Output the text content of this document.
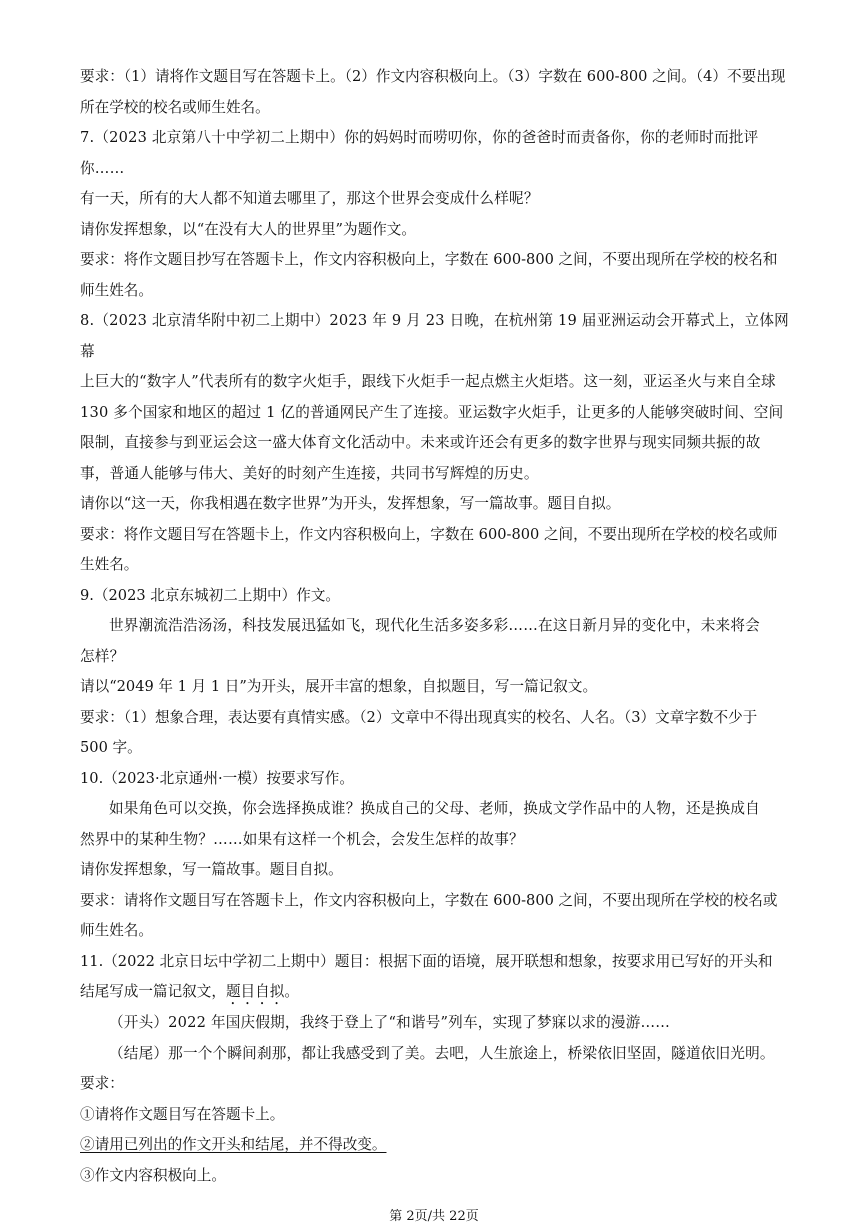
要求：（1）请将作文题目写在答题卡上。（2）作文内容积极向上。（3）字数在 600-800 之间。（4）不要出现

所在学校的校名或师生姓名。

7.（2023 北京第八十中学初二上期中）你的妈妈时而唠叨你，你的爸爸时而责备你，你的老师时而批评你……

有一天，所有的大人都不知道去哪里了，那这个世界会变成什么样呢？

请你发挥想象，以“在没有大人的世界里”为题作文。

要求：将作文题目抄写在答题卡上，作文内容积极向上，字数在 600-800 之间，不要出现所在学校的校名和

师生姓名。

8.（2023 北京清华附中初二上期中）2023 年 9 月 23 日晚，在杭州第 19 届亚洲运动会开幕式上，立体网幕

上巨大的“数字人”代表所有的数字火炬手，跟线下火炬手一起点燃主火炬塔。这一刻，亚运圣火与来自全球

130 多个国家和地区的超过 1 亿的普通网民产生了连接。亚运数字火炬手，让更多的人能够突破时间、空间

限制，直接参与到亚运会这一盛大体育文化活动中。未来或许还会有更多的数字世界与现实同频共振的故

事，普通人能够与伟大、美好的时刻产生连接，共同书写辉煌的历史。

请你以“这一天，你我相遇在数字世界”为开头，发挥想象，写一篇故事。题目自拟。

要求：将作文题目写在答题卡上，作文内容积极向上，字数在 600-800 之间，不要出现所在学校的校名或师

生姓名。

9.（2023 北京东城初二上期中）作文。

世界潮流浩浩汤汤，科技发展迅猛如飞，现代化生活多姿多彩……在这日新月异的变化中，未来将会

怎样？

请以“2049 年 1 月 1 日”为开头，展开丰富的想象，自拟题目，写一篇记叙文。

要求：（1）想象合理，表达要有真情实感。（2）文章中不得出现真实的校名、人名。（3）文章字数不少于

500 字。

10.（2023·北京通州·一模）按要求写作。

如果角色可以交换，你会选择换成谁？换成自己的父母、老师，换成文学作品中的人物，还是换成自

然界中的某种生物？……如果有这样一个机会，会发生怎样的故事？

请你发挥想象，写一篇故事。题目自拟。

要求：请将作文题目写在答题卡上，作文内容积极向上，字数在 600-800 之间，不要出现所在学校的校名或

师生姓名。

11.（2022 北京日坛中学初二上期中）题目：根据下面的语境，展开联想和想象，按要求用已写好的开头和

结尾写成一篇记叙文，题目自拟。

（开头）2022 年国庆假期，我终于登上了“和谐号”列车，实现了梦寐以求的漫游……

（结尾）那一个个瞬间刹那，都让我感受到了美。去吧，人生旅途上，桥梁依旧坚固，隧道依旧光明。

要求：

①请将作文题目写在答题卡上。

②请用已列出的作文开头和结尾，并不得改变。

③作文内容积极向上。

第 2页/共 22页
